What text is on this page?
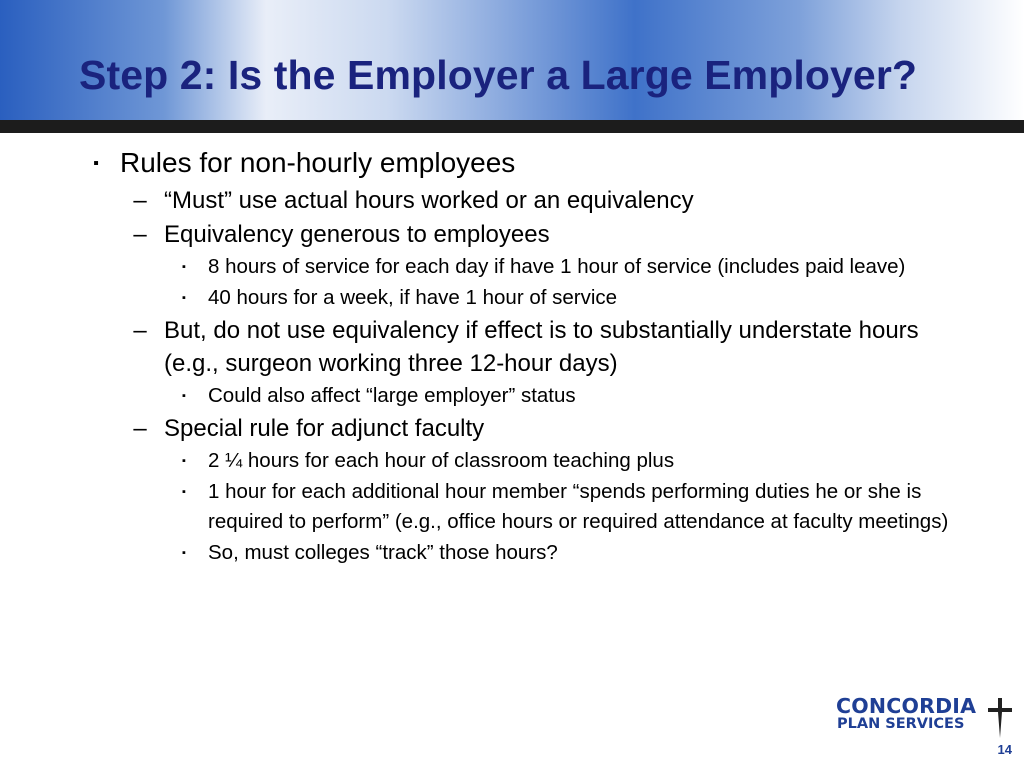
Step 2: Is the Employer a Large Employer?
▪ Rules for non-hourly employees
– “Must” use actual hours worked or an equivalency
– Equivalency generous to employees
▪	8 hours of service for each day if have 1 hour of service (includes paid leave)
▪	40 hours for a week, if have 1 hour of service
– But, do not use equivalency if effect is to substantially understate hours (e.g., surgeon working three 12-hour days)
▪	Could also affect “large employer” status
– Special rule for adjunct faculty
▪	2 ¼ hours for each hour of classroom teaching plus
▪	1 hour for each additional hour member “spends performing duties he or she is required to perform” (e.g., office hours or required attendance at faculty meetings)
▪	So, must colleges “track” those hours?
CONCORDIA
PLAN SERVICES
14
